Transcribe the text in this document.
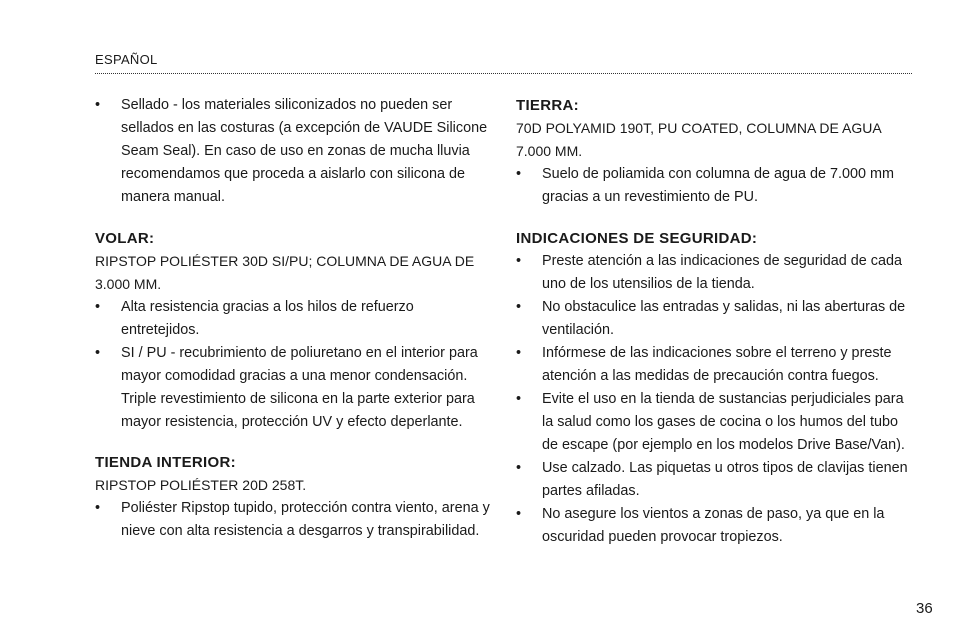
ESPAÑOL
• Sellado - los materiales siliconizados no pueden ser sellados en las costuras (a excepción de VAUDE Silicone Seam Seal). En caso de uso en zonas de mucha lluvia recomendamos que proceda a aislarlo con silicona de manera manual.
VOLAR:
RIPSTOP POLIÉSTER 30D SI/PU; COLUMNA DE AGUA DE 3.000 MM.
• Alta resistencia gracias a los hilos de refuerzo entretejidos.
• SI / PU - recubrimiento de poliuretano en el interior para mayor comodidad gracias a una menor condensación. Triple revestimiento de silicona en la parte exterior para mayor resistencia, protección UV y efecto deperlante.
TIENDA INTERIOR:
RIPSTOP POLIÉSTER 20D 258T.
• Poliéster Ripstop tupido, protección contra viento, arena y nieve con alta resistencia a desgarros y transpirabilidad.
TIERRA:
70D POLYAMID 190T, PU COATED, COLUMNA DE AGUA 7.000 MM.
• Suelo de poliamida con columna de agua de 7.000 mm gracias a un revestimiento de PU.
INDICACIONES DE SEGURIDAD:
• Preste atención a las indicaciones de seguridad de cada uno de los utensilios de la tienda.
• No obstaculice las entradas y salidas, ni las aberturas de ventilación.
• Infórmese de las indicaciones sobre el terreno y preste atención a las medidas de precaución contra fuegos.
• Evite el uso en la tienda de sustancias perjudiciales para la salud como los gases de cocina o los humos del tubo de escape (por ejemplo en los modelos Drive Base/Van).
• Use calzado. Las piquetas u otros tipos de clavijas tienen partes afiladas.
• No asegure los vientos a zonas de paso, ya que en la oscuridad pueden provocar tropiezos.
36
